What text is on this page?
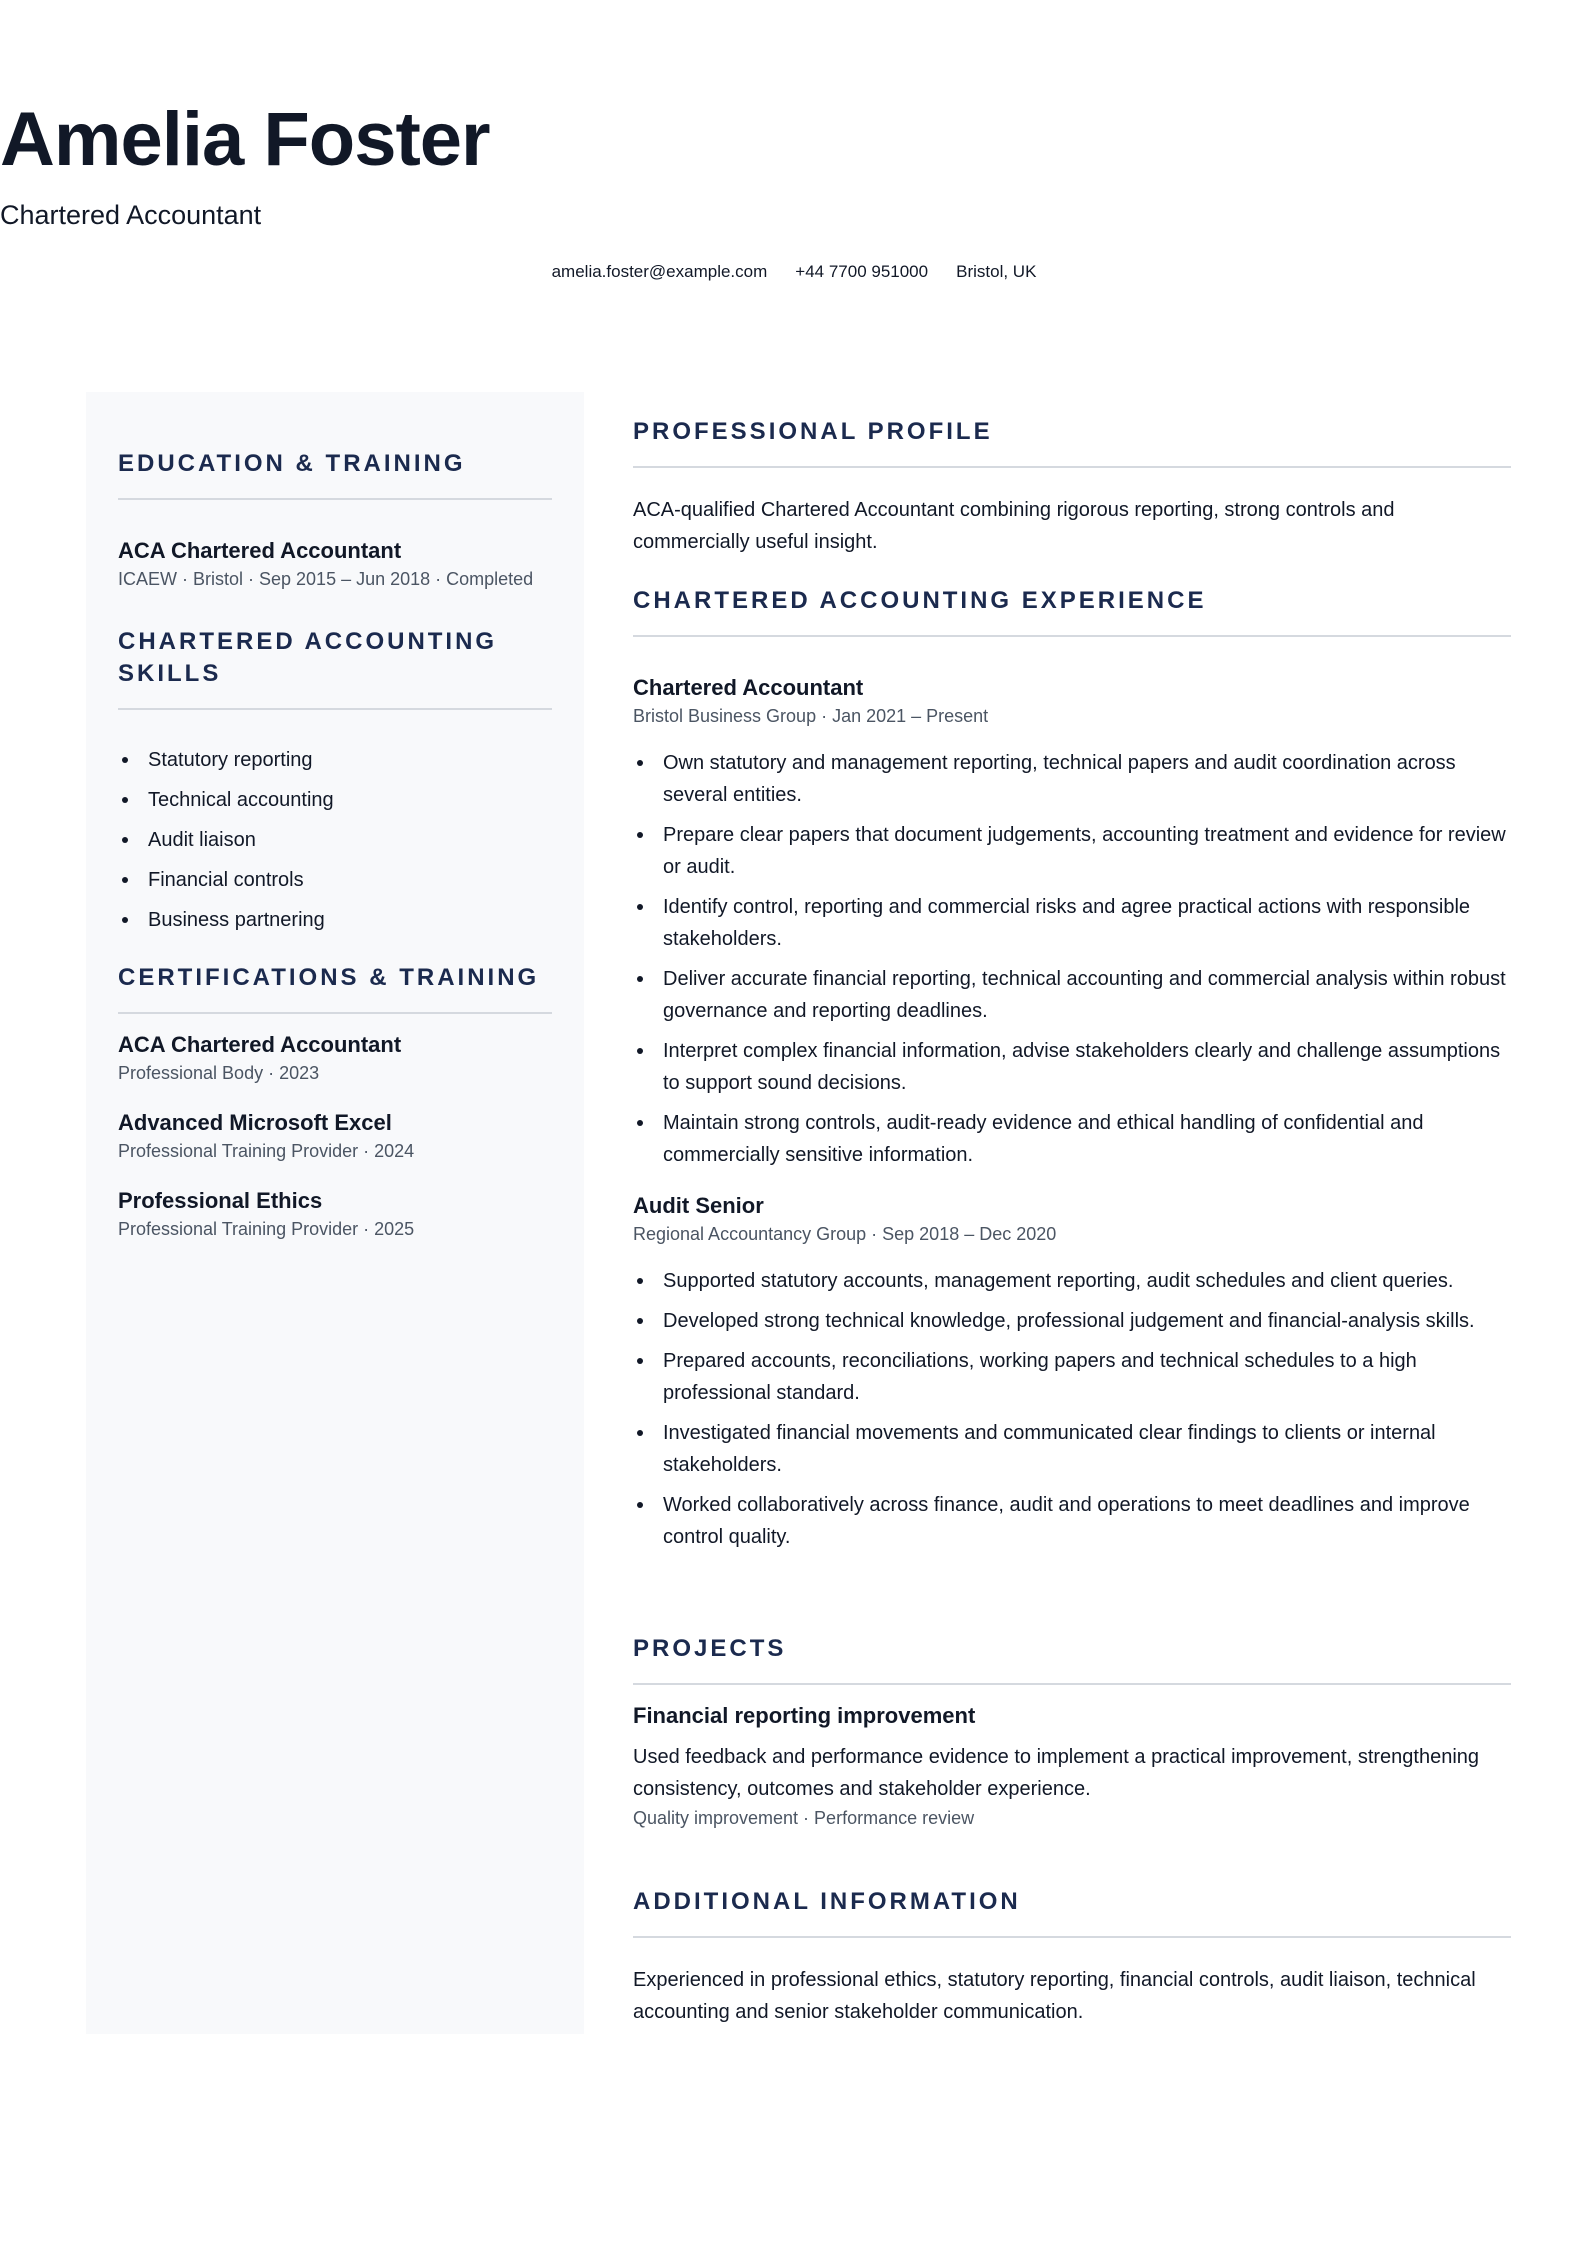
Amelia Foster
Chartered Accountant
amelia.foster@example.com +44 7700 951000 Bristol, UK
EDUCATION & TRAINING
ACA Chartered Accountant
ICAEW · Bristol · Sep 2015 – Jun 2018 · Completed
CHARTERED ACCOUNTING
SKILLS
Statutory reporting
Technical accounting
Audit liaison
Financial controls
Business partnering
CERTIFICATIONS & TRAINING
ACA Chartered Accountant
Professional Body · 2023
Advanced Microsoft Excel
Professional Training Provider · 2024
Professional Ethics
Professional Training Provider · 2025
PROFESSIONAL PROFILE
ACA-qualified Chartered Accountant combining rigorous reporting, strong controls and commercially useful insight.
CHARTERED ACCOUNTING EXPERIENCE
Chartered Accountant
Bristol Business Group · Jan 2021 – Present
Own statutory and management reporting, technical papers and audit coordination across several entities.
Prepare clear papers that document judgements, accounting treatment and evidence for review or audit.
Identify control, reporting and commercial risks and agree practical actions with responsible stakeholders.
Deliver accurate financial reporting, technical accounting and commercial analysis within robust governance and reporting deadlines.
Interpret complex financial information, advise stakeholders clearly and challenge assumptions to support sound decisions.
Maintain strong controls, audit-ready evidence and ethical handling of confidential and commercially sensitive information.
Audit Senior
Regional Accountancy Group · Sep 2018 – Dec 2020
Supported statutory accounts, management reporting, audit schedules and client queries.
Developed strong technical knowledge, professional judgement and financial-analysis skills.
Prepared accounts, reconciliations, working papers and technical schedules to a high professional standard.
Investigated financial movements and communicated clear findings to clients or internal stakeholders.
Worked collaboratively across finance, audit and operations to meet deadlines and improve control quality.
PROJECTS
Financial reporting improvement
Used feedback and performance evidence to implement a practical improvement, strengthening consistency, outcomes and stakeholder experience.
Quality improvement · Performance review
ADDITIONAL INFORMATION
Experienced in professional ethics, statutory reporting, financial controls, audit liaison, technical accounting and senior stakeholder communication.
